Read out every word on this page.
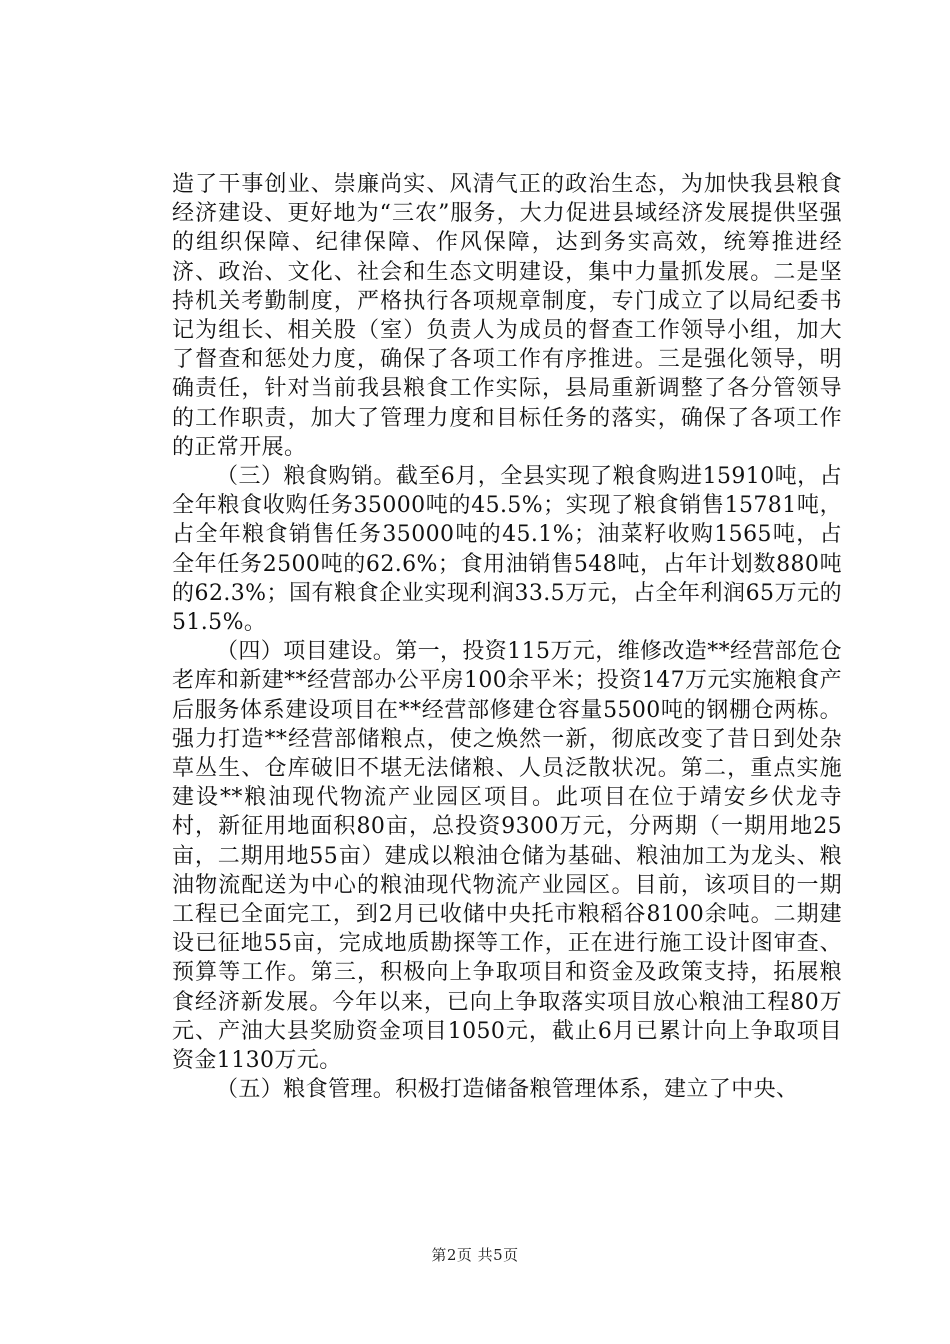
造了干事创业、崇廉尚实、风清气正的政治生态，为加快我县粮食经济建设、更好地为“三农”服务，大力促进县域经济发展提供坚强的组织保障、纪律保障、作风保障，达到务实高效，统筹推进经济、政治、文化、社会和生态文明建设，集中力量抓发展。二是坚持机关考勤制度，严格执行各项规章制度，专门成立了以局纪委书记为组长、相关股（室）负责人为成员的督查工作领导小组，加大了督查和惩处力度，确保了各项工作有序推进。三是强化领导，明确责任，针对当前我县粮食工作实际，县局重新调整了各分管领导的工作职责，加大了管理力度和目标任务的落实，确保了各项工作的正常开展。

（三）粮食购销。截至6月，全县实现了粮食购进15910吨，占全年粮食收购任务35000吨的45.5%；实现了粮食销售15781吨，占全年粮食销售任务35000吨的45.1%；油菜籽收购1565吨，占全年任务2500吨的62.6%；食用油销售548吨，占年计划数880吨的62.3%；国有粮食企业实现利润33.5万元，占全年利润65万元的51.5%。

（四）项目建设。第一，投资115万元，维修改造**经营部危仓老库和新建**经营部办公平房100余平米；投资147万元实施粮食产后服务体系建设项目在**经营部修建仓容量5500吨的钢棚仓两栋。强力打造**经营部储粮点，使之焕然一新，彻底改变了昔日到处杂草丛生、仓库破旧不堪无法储粮、人员泛散状况。第二，重点实施建设**粮油现代物流产业园区项目。此项目在位于靖安乡伏龙寺村，新征用地面积80亩，总投资9300万元，分两期（一期用地25亩，二期用地55亩）建成以粮油仓储为基础、粮油加工为龙头、粮油物流配送为中心的粮油现代物流产业园区。目前，该项目的一期工程已全面完工，到2月已收储中央托市粮稻谷8100余吨。二期建设已征地55亩，完成地质勘探等工作，正在进行施工设计图审查、预算等工作。第三，积极向上争取项目和资金及政策支持，拓展粮食经济新发展。今年以来，已向上争取落实项目放心粮油工程80万元、产油大县奖励资金项目1050元，截止6月已累计向上争取项目资金1130万元。

（五）粮食管理。积极打造储备粮管理体系，建立了中央、

第2页 共5页
